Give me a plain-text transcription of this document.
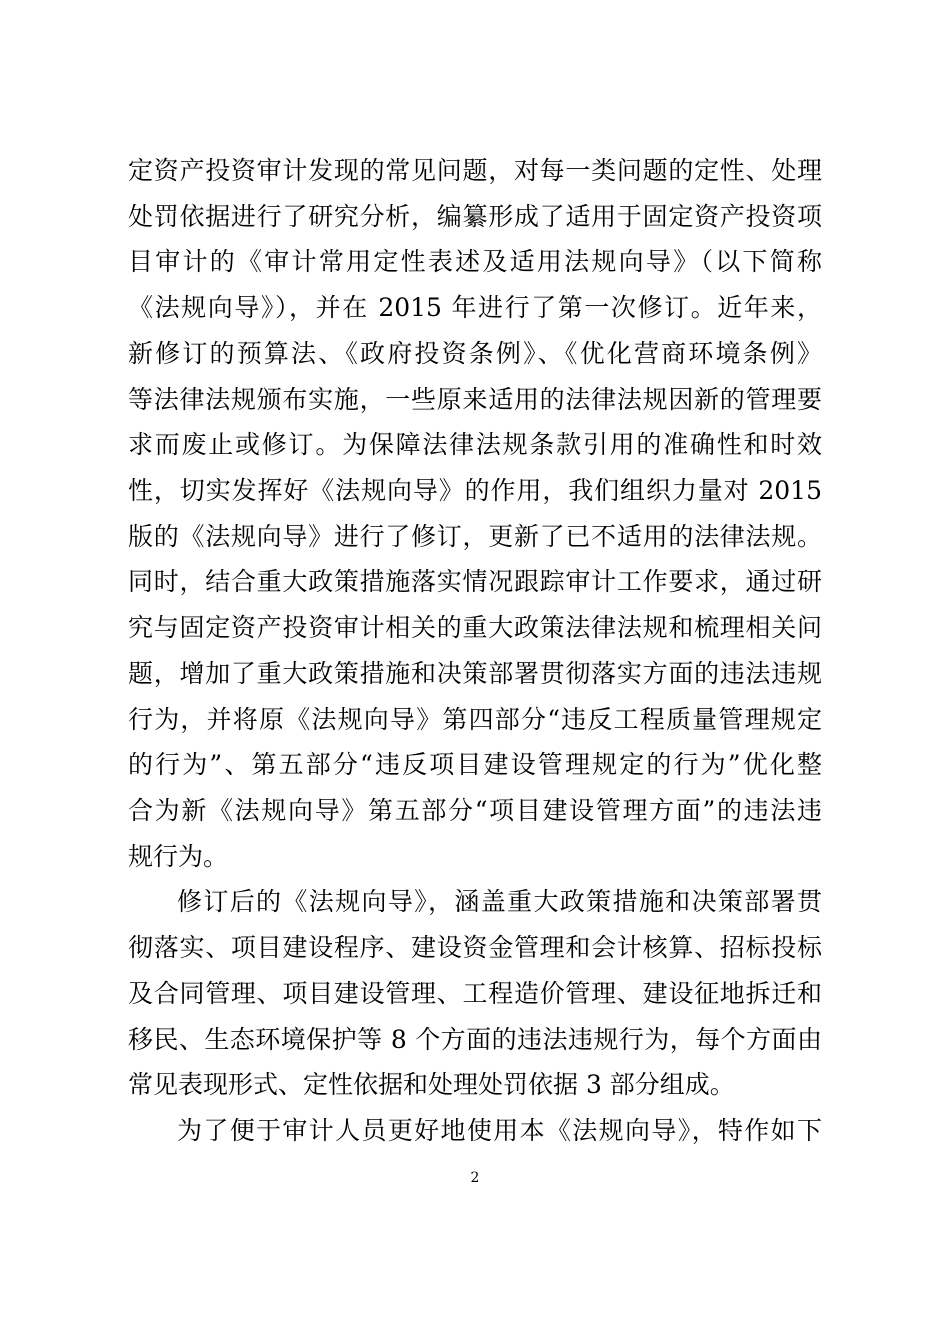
定资产投资审计发现的常见问题，对每一类问题的定性、处理
处罚依据进行了研究分析，编纂形成了适用于固定资产投资项
目审计的《审计常用定性表述及适用法规向导》（以下简称
《法规向导》），并在 2015 年进行了第一次修订。近年来，
新修订的预算法、《政府投资条例》、《优化营商环境条例》
等法律法规颁布实施，一些原来适用的法律法规因新的管理要
求而废止或修订。为保障法律法规条款引用的准确性和时效
性，切实发挥好《法规向导》的作用，我们组织力量对 2015
版的《法规向导》进行了修订，更新了已不适用的法律法规。
同时，结合重大政策措施落实情况跟踪审计工作要求，通过研
究与固定资产投资审计相关的重大政策法律法规和梳理相关问
题，增加了重大政策措施和决策部署贯彻落实方面的违法违规
行为，并将原《法规向导》第四部分“违反工程质量管理规定
的行为”、第五部分“违反项目建设管理规定的行为”优化整
合为新《法规向导》第五部分“项目建设管理方面”的违法违
规行为。
修订后的《法规向导》，涵盖重大政策措施和决策部署贯
彻落实、项目建设程序、建设资金管理和会计核算、招标投标
及合同管理、项目建设管理、工程造价管理、建设征地拆迁和
移民、生态环境保护等 8 个方面的违法违规行为，每个方面由
常见表现形式、定性依据和处理处罚依据 3 部分组成。
为了便于审计人员更好地使用本《法规向导》，特作如下
2
